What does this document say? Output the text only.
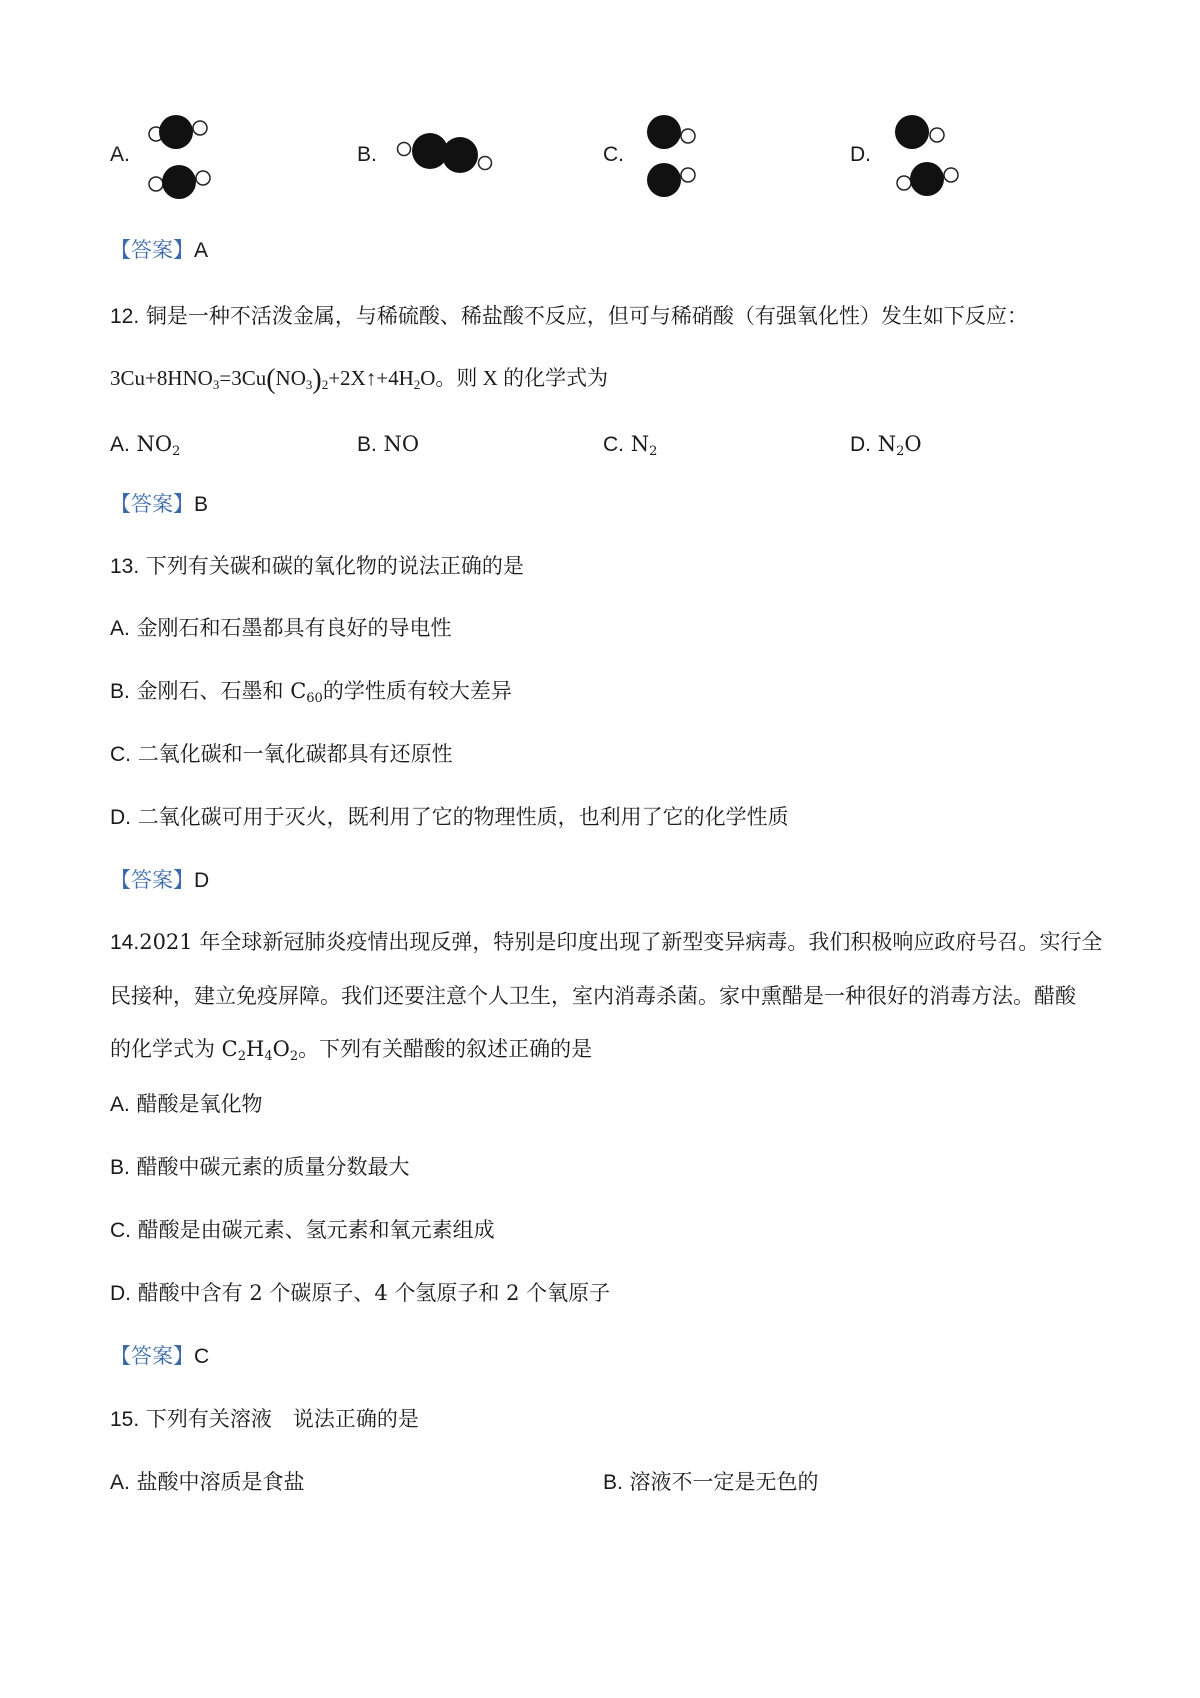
A.	B.	C.	D.
【答案】A
12. 铜是一种不活泼金属，与稀硫酸、稀盐酸不反应，但可与稀硝酸（有强氧化性）发生如下反应：
$3Cu+8HNO_3=3Cu(NO_3)_2+2X↑+4H_2O$。则 X 的化学式为
A. $NO_2$	B. NO	C. $N_2$	D. $N_2O$
【答案】B
13. 下列有关碳和碳的氧化物的说法正确的是
A. 金刚石和石墨都具有良好的导电性
B. 金刚石、石墨和 $C_{60}$的学性质有较大差异
C. 二氧化碳和一氧化碳都具有还原性
D. 二氧化碳可用于灭火，既利用了它的物理性质，也利用了它的化学性质
【答案】D
14.2021 年全球新冠肺炎疫情出现反弹，特别是印度出现了新型变异病毒。我们积极响应政府号召。实行全
民接种，建立免疫屏障。我们还要注意个人卫生，室内消毒杀菌。家中熏醋是一种很好的消毒方法。醋酸
的化学式为 $C_2H_4O_2$。下列有关醋酸的叙述正确的是
A. 醋酸是氧化物
B. 醋酸中碳元素的质量分数最大
C. 醋酸是由碳元素、氢元素和氧元素组成
D. 醋酸中含有 2 个碳原子、4 个氢原子和 2 个氧原子
【答案】C
15. 下列有关溶液　说法正确的是
A. 盐酸中溶质是食盐	B. 溶液不一定是无色的
